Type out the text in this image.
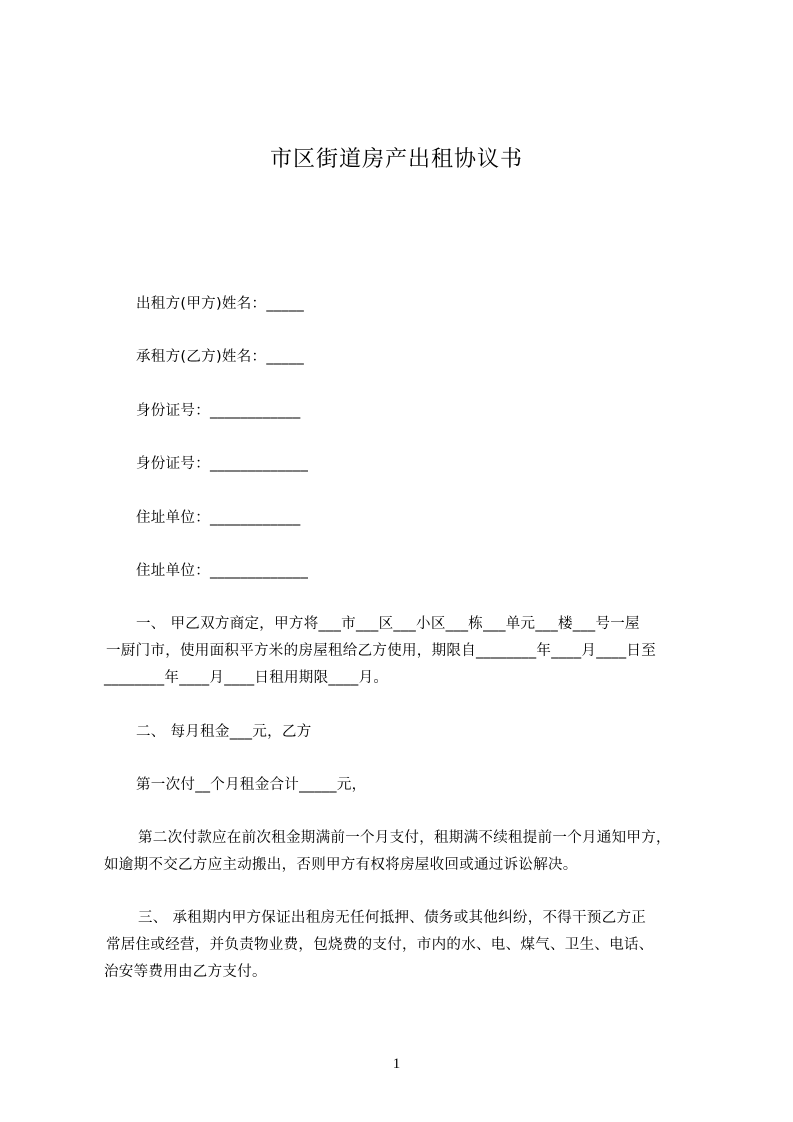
市区街道房产出租协议书
出租方(甲方)姓名：_____
承租方(乙方)姓名：_____
身份证号：____________
身份证号：_____________
住址单位：____________
住址单位：_____________
一、 甲乙双方商定，甲方将___市___区___小区___栋___单元___楼___号一屋
一厨门市，使用面积平方米的房屋租给乙方使用，期限自________年____月____日至
________年____月____日租用期限____月。
二、 每月租金___元，乙方
第一次付__个月租金合计_____元，
第二次付款应在前次租金期满前一个月支付，租期满不续租提前一个月通知甲方，
如逾期不交乙方应主动搬出，否则甲方有权将房屋收回或通过诉讼解决。
三、 承租期内甲方保证出租房无任何抵押、债务或其他纠纷，不得干预乙方正
常居住或经营，并负责物业费，包烧费的支付，市内的水、电、煤气、卫生、电话、
治安等费用由乙方支付。
1
